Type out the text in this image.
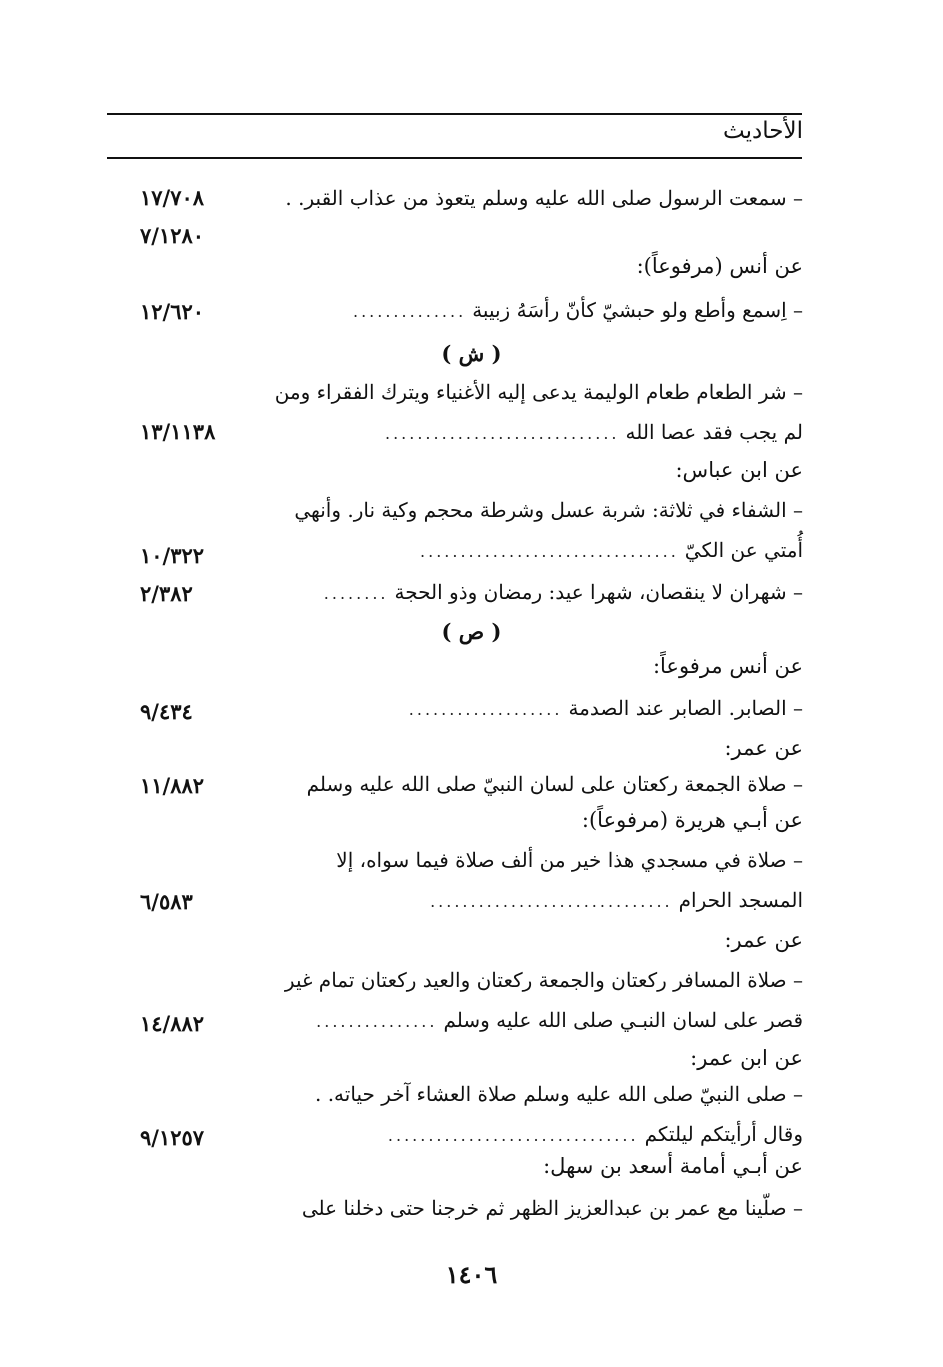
الأحاديث
– سمعت الرسول صلى الله عليه وسلم يتعوذ من عذاب القبر. .
١٧/٧٠٨
٧/١٢٨٠
عن أنس (مرفوعاً):
– اِسمع وأطع ولو حبشيّ كأنّ رأسَهُ زبيبة..............
١٢/٦٢٠
( ش )
– شر الطعام طعام الوليمة يدعى إليه الأغنياء ويترك الفقراء ومن
لم يجب فقد عصا الله.............................
١٣/١١٣٨
عن ابن عباس:
– الشفاء في ثلاثة: شربة عسل وشرطة محجم وكية نار. وأنهي
أُمتي عن الكيّ................................
١٠/٣٢٢
– شهران لا ينقصان، شهرا عيد: رمضان وذو الحجة........
٢/٣٨٢
( ص )
عن أنس مرفوعاً:
– الصابر. الصابر عند الصدمة...................
٩/٤٣٤
عن عمر:
– صلاة الجمعة ركعتان على لسان النبيّ صلى الله عليه وسلم
١١/٨٨٢
عن أبـي هريرة (مرفوعاً):
– صلاة في مسجدي هذا خير من ألف صلاة فيما سواه، إلا
المسجد الحرام..............................
٦/٥٨٣
عن عمر:
– صلاة المسافر ركعتان والجمعة ركعتان والعيد ركعتان تمام غير
قصر على لسان النبـي صلى الله عليه وسلم...............
١٤/٨٨٢
عن ابن عمر:
– صلى النبيّ صلى الله عليه وسلم صلاة العشاء آخر حياته. .
وقال أرأيتكم ليلتكم...............................
٩/١٢٥٧
عن أبـي أمامة أسعد بن سهل:
– صلّينا مع عمر بن عبدالعزيز الظهر ثم خرجنا حتى دخلنا على
١٤٠٦
